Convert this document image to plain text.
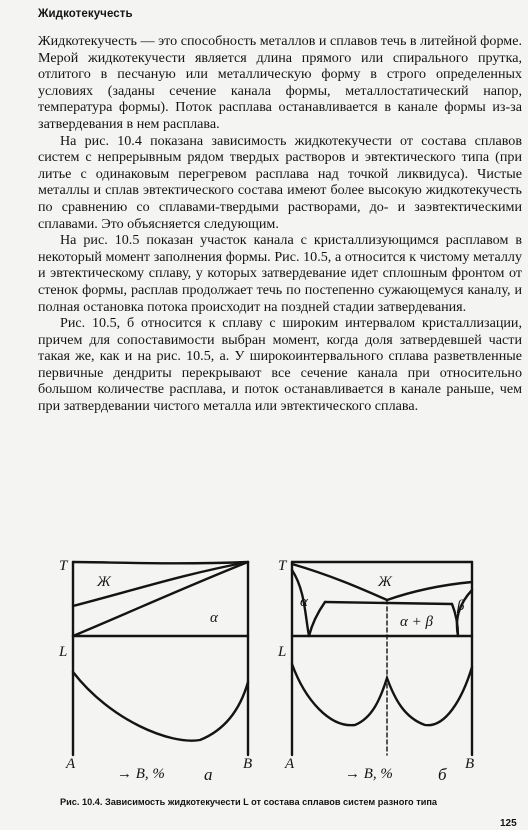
Жидкотекучесть

Жидкотекучесть — это способность металлов и сплавов течь в литейной форме. Мерой жидкотекучести является длина прямого или спирального прутка, отлитого в песчаную или металлическую форму в строго определенных условиях (заданы сечение канала формы, металлостатический напор, температура формы). Поток расплава останавливается в канале формы из-за затвердевания в нем расплава.

На рис. 10.4 показана зависимость жидкотекучести от состава сплавов систем с непрерывным рядом твердых растворов и эвтектического типа (при литье с одинаковым перегревом расплава над точкой ликвидуса). Чистые металлы и сплав эвтектического состава имеют более высокую жидкотекучесть по сравнению со сплавами-твердыми растворами, до- и заэвтектическими сплавами. Это объясняется следующим.

На рис. 10.5 показан участок канала с кристаллизующимся расплавом в некоторый момент заполнения формы. Рис. 10.5, а относится к чистому металлу и эвтектическому сплаву, у которых затвердевание идет сплошным фронтом от стенок формы, расплав продолжает течь по постепенно сужающемуся каналу, и полная остановка потока происходит на поздней стадии затвердевания.

Рис. 10.5, б относится к сплаву с широким интервалом кристаллизации, причем для сопоставимости выбран момент, когда доля затвердевшей части такая же, как и на рис. 10.5, а. У широкоинтервального сплава разветвленные первичные дендриты перекрывают все сечение канала при относительно большом количестве расплава, и поток останавливается в канале раньше, чем при затвердевании чистого металла или эвтектического сплава.

T
L
A	B
Ж
α
→ B, % а
T
L
A	B
Ж
α	β
α + β
→ B, %	б
Рис. 10.4. Зависимость жидкотекучести L от состава сплавов систем разного типа
125
